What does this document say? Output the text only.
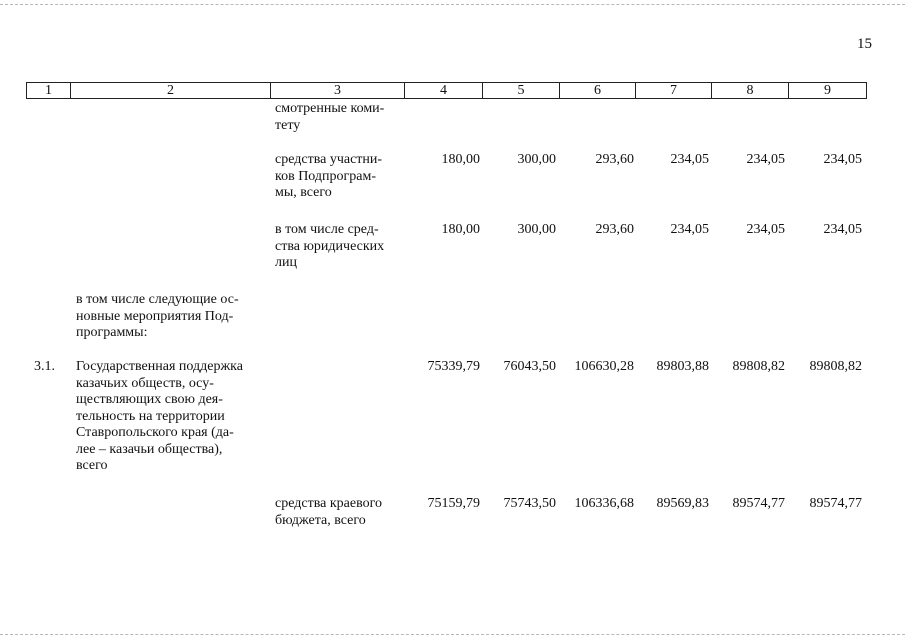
15
1	2	3	4	5	6	7	8	9
смотренные коми-
тету
средства участни-
ков Подпрограм-
мы, всего
180,00	300,00	293,60	234,05	234,05	234,05
в том числе сред-
ства юридических
лиц
180,00	300,00	293,60	234,05	234,05	234,05
в том числе следующие ос-
новные мероприятия Под-
программы:
3.1.	Государственная поддержка
казачьих обществ, осу-
ществляющих свою дея-
тельность на территории
Ставропольского края (да-
лее – казачьи общества),
всего
75339,79	76043,50	106630,28	89803,88	89808,82	89808,82
средства краевого
бюджета, всего
75159,79	75743,50	106336,68	89569,83	89574,77	89574,77
